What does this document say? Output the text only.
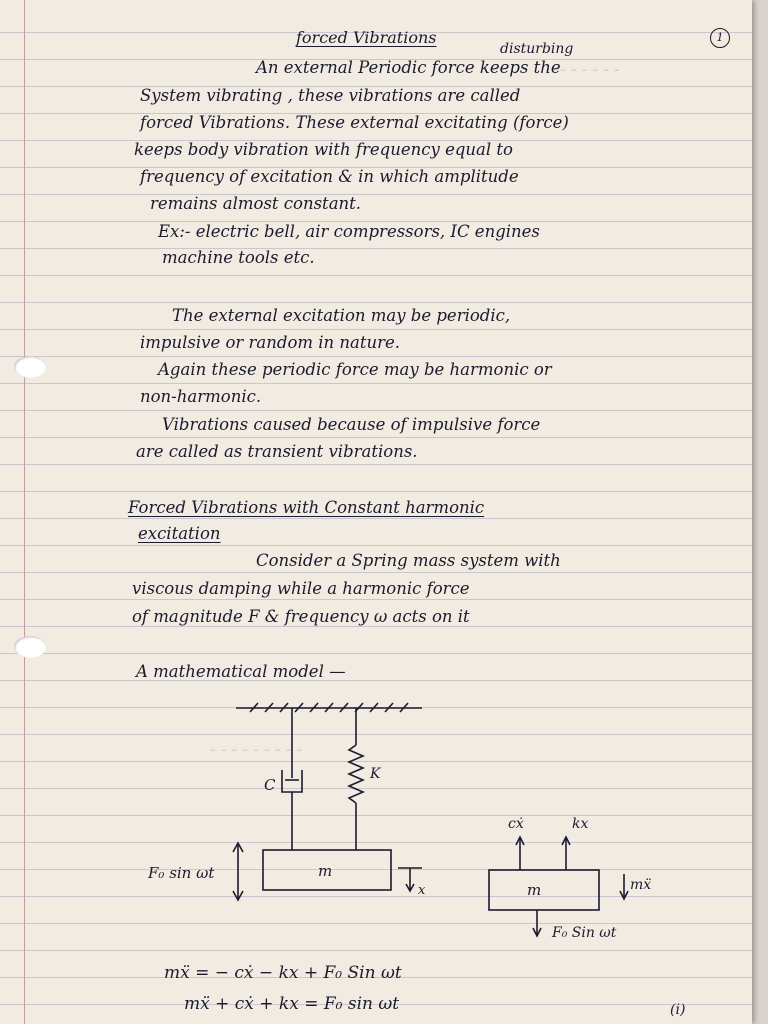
- - - - - -
- - - - - - - - -
1
forced Vibrations
disturbing
An external Periodic force keeps the
System vibrating , these vibrations are called
forced Vibrations. These external excitating (force)
keeps body vibration with frequency equal to
frequency of excitation & in which amplitude
remains almost constant.
Ex:- electric bell, air compressors, IC engines
machine tools etc.
The external excitation may be periodic,
impulsive or random in nature.
Again these periodic force may be harmonic or
non-harmonic.
Vibrations caused because of impulsive force
are called as transient vibrations.
Forced Vibrations with Constant harmonic
excitation
Consider a Spring mass system with
viscous damping while a harmonic force
of magnitude F & frequency ω acts on it
A mathematical model —
C
K
m
F₀ sin ωt
x
cẋ	kx
m	mẍ
F₀ Sin ωt
mẍ = − cẋ − kx + F₀ Sin ωt
mẍ + cẋ + kx = F₀ sin ωt	(i)
